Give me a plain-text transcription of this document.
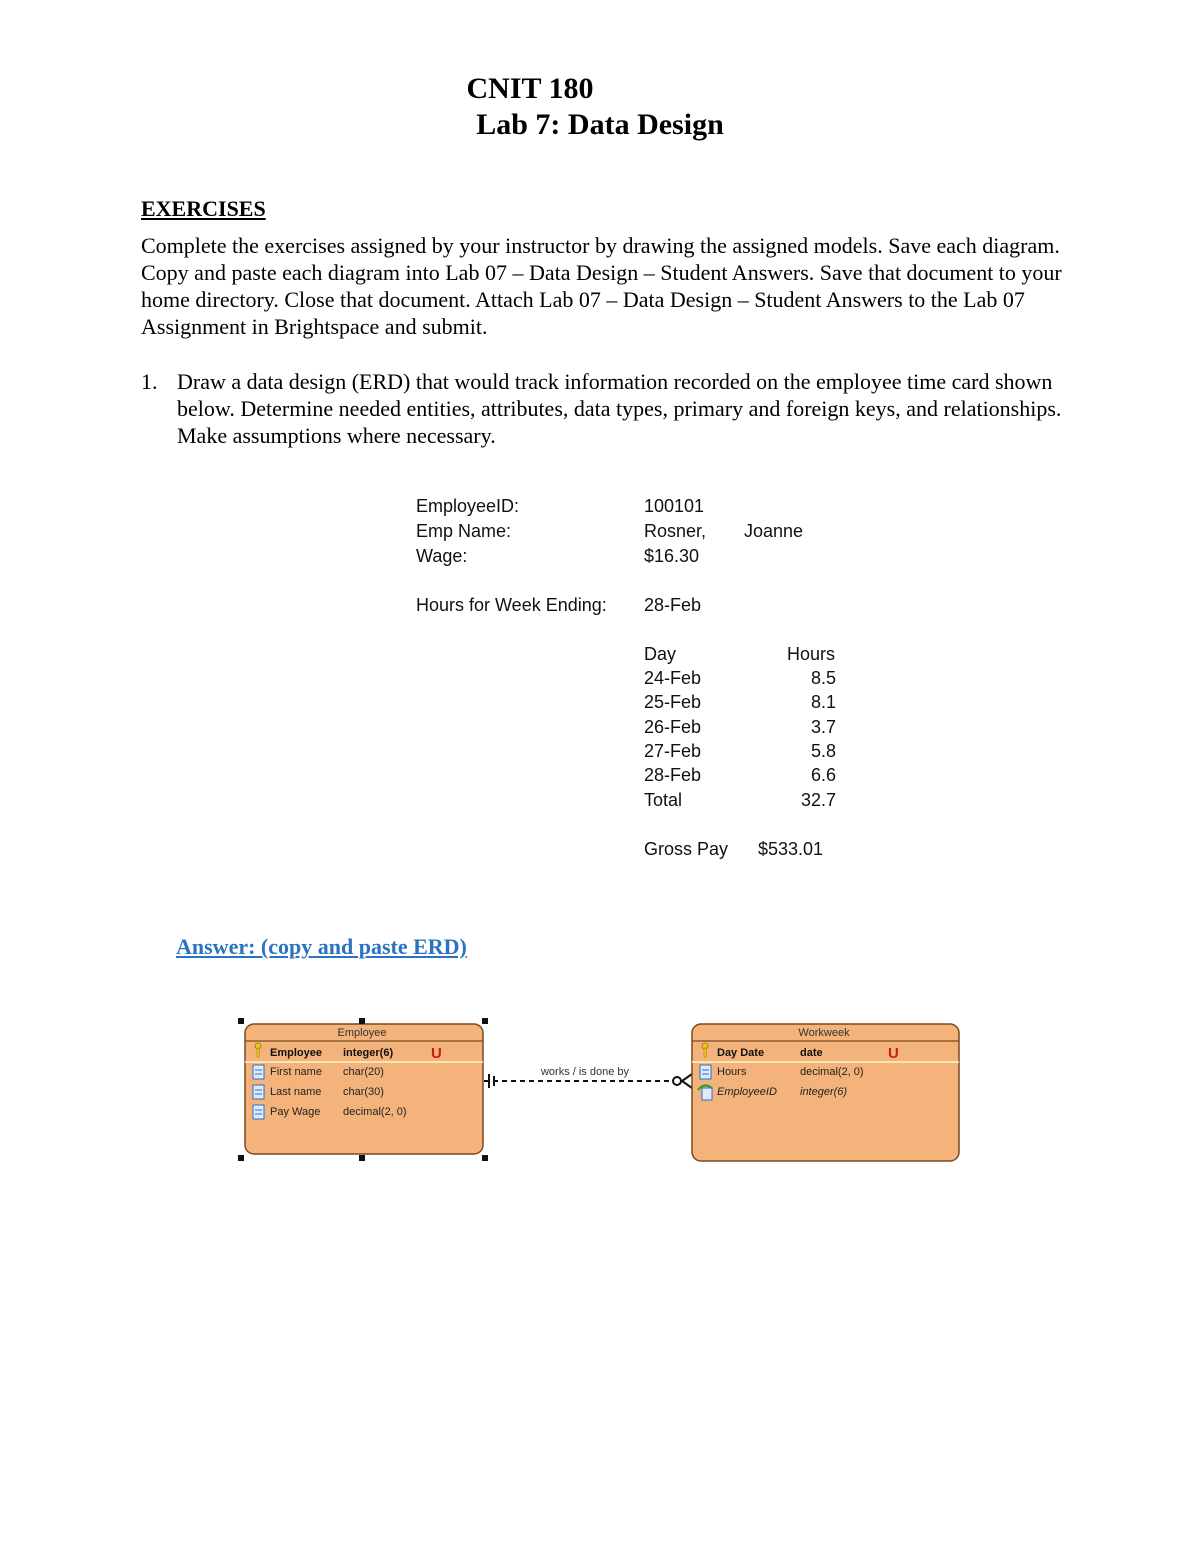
CNIT 180
Lab 7: Data Design
EXERCISES

Complete the exercises assigned by your instructor by drawing the assigned models. Save each diagram. Copy and paste each diagram into Lab 07 – Data Design – Student Answers. Save that document to your home directory. Close that document. Attach Lab 07 – Data Design – Student Answers to the Lab 07 Assignment in Brightspace and submit.

1. Draw a data design (ERD) that would track information recorded on the employee time card shown below. Determine needed entities, attributes, data types, primary and foreign keys, and relationships. Make assumptions where necessary.
EmployeeID:	100101
Emp Name:	Rosner, Joanne
Wage:	$16.30
Hours for Week Ending: 28-Feb
Day	Hours
24-Feb	8.5
25-Feb	8.1
26-Feb	3.7
27-Feb	5.8
28-Feb	6.6
Total	32.7
Gross Pay $533.01
Answer: (copy and paste ERD)
Employee
Employee integer(6)	U
First name char(20)
Last name char(30)
Pay Wage decimal(2, 0)
works / is done by
Workweek
Day Date	date	U
Hours	decimal(2, 0)
EmployeeID integer(6)
